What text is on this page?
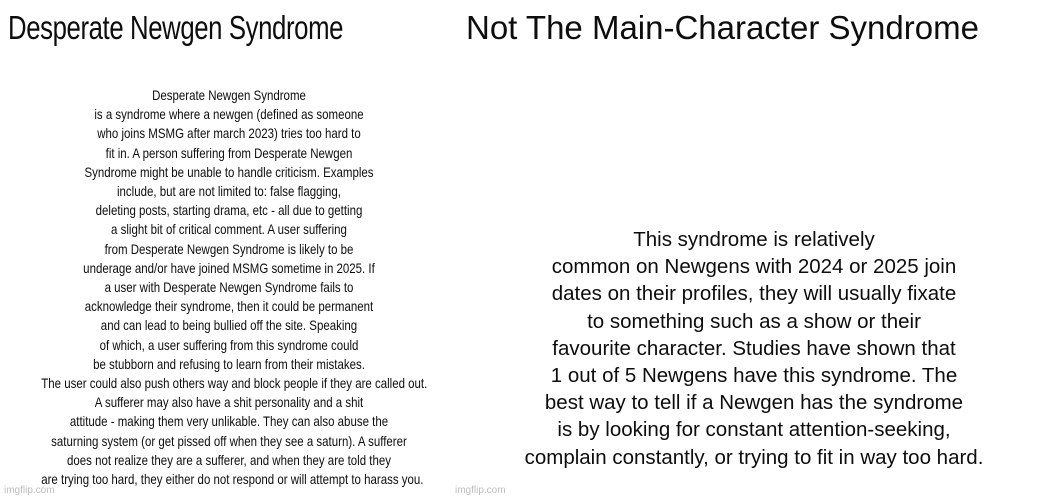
Desperate Newgen Syndrome

Desperate Newgen Syndrome
is a syndrome where a newgen (defined as someone
who joins MSMG after march 2023) tries too hard to
fit in. A person suffering from Desperate Newgen
Syndrome might be unable to handle criticism. Examples
include, but are not limited to: false flagging,
deleting posts, starting drama, etc - all due to getting
a slight bit of critical comment. A user suffering
from Desperate Newgen Syndrome is likely to be
underage and/or have joined MSMG sometime in 2025. If
a user with Desperate Newgen Syndrome fails to
acknowledge their syndrome, then it could be permanent
and can lead to being bullied off the site. Speaking
of which, a user suffering from this syndrome could
be stubborn and refusing to learn from their mistakes.
The user could also push others way and block people if they are called out.
A sufferer may also have a shit personality and a shit
attitude - making them very unlikable. They can also abuse the
saturning system (or get pissed off when they see a saturn). A sufferer
does not realize they are a sufferer, and when they are told they
are trying too hard, they either do not respond or will attempt to harass you.

imgflip.com
Not The Main-Character Syndrome

This syndrome is relatively
common on Newgens with 2024 or 2025 join
dates on their profiles, they will usually fixate
to something such as a show or their
favourite character. Studies have shown that
1 out of 5 Newgens have this syndrome. The
best way to tell if a Newgen has the syndrome
is by looking for constant attention-seeking,
complain constantly, or trying to fit in way too hard.

imgflip.com
